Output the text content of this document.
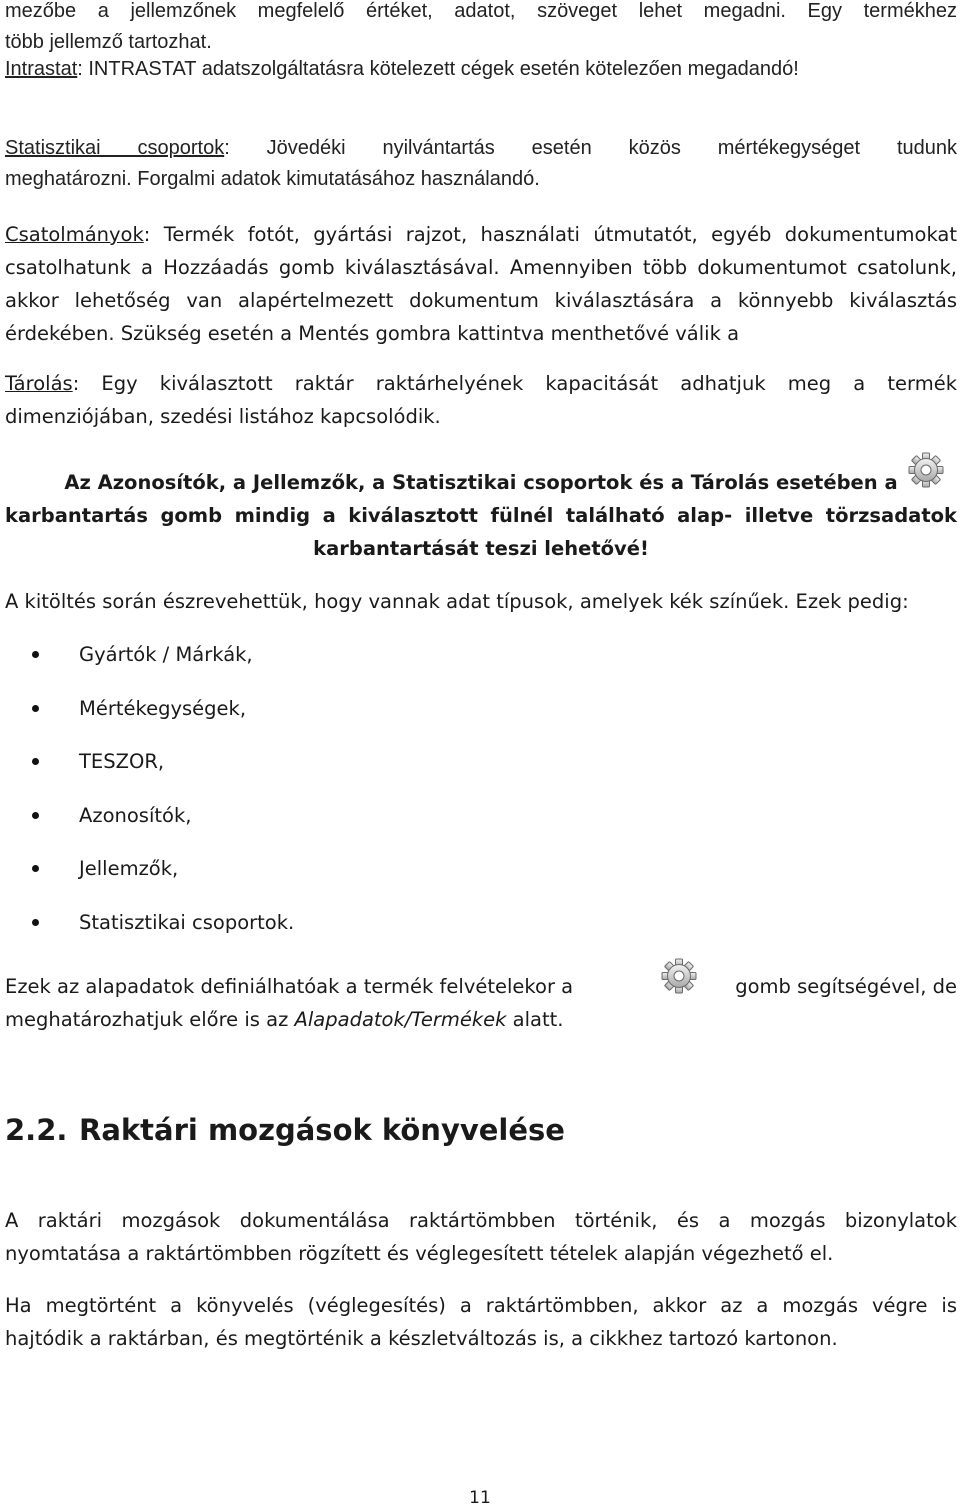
mezőbe a jellemzőnek megfelelő értéket, adatot, szöveget lehet megadni. Egy termékhez
több jellemző tartozhat.
Intrastat: INTRASTAT adatszolgáltatásra kötelezett cégek esetén kötelezően megadandó!
Statisztikai csoportok: Jövedéki nyilvántartás esetén közös mértékegységet tudunk
meghatározni. Forgalmi adatok kimutatásához használandó.
Csatolmányok: Termék fotót, gyártási rajzot, használati útmutatót, egyéb dokumentumokat
csatolhatunk a Hozzáadás gomb kiválasztásával. Amennyiben több dokumentumot csatolunk,
akkor lehetőség van alapértelmezett dokumentum kiválasztására a könnyebb kiválasztás
érdekében. Szükség esetén a Mentés gombra kattintva menthetővé válik a
Tárolás: Egy kiválasztott raktár raktárhelyének kapacitását adhatjuk meg a termék
dimenziójában, szedési listához kapcsolódik.
Az Azonosítók, a Jellemzők, a Statisztikai csoportok és a Tárolás esetében a
karbantartás gomb mindig a kiválasztott fülnél található alap- illetve törzsadatok
karbantartását teszi lehetővé!
A kitöltés során észrevehettük, hogy vannak adat típusok, amelyek kék színűek. Ezek pedig:
Gyártók / Márkák,
Mértékegységek,
TESZOR,
Azonosítók,
Jellemzők,
Statisztikai csoportok.
Ezek az alapadatok definiálhatóak a termék felvételekor a	gomb segítségével, de

meghatározhatjuk előre is az Alapadatok/Termékek alatt.
2.2. Raktári mozgások könyvelése
A raktári mozgások dokumentálása raktártömbben történik, és a mozgás bizonylatok
nyomtatása a raktártömbben rögzített és véglegesített tételek alapján végezhető el.
Ha megtörtént a könyvelés (véglegesítés) a raktártömbben, akkor az a mozgás végre is
hajtódik a raktárban, és megtörténik a készletváltozás is, a cikkhez tartozó kartonon.
11
